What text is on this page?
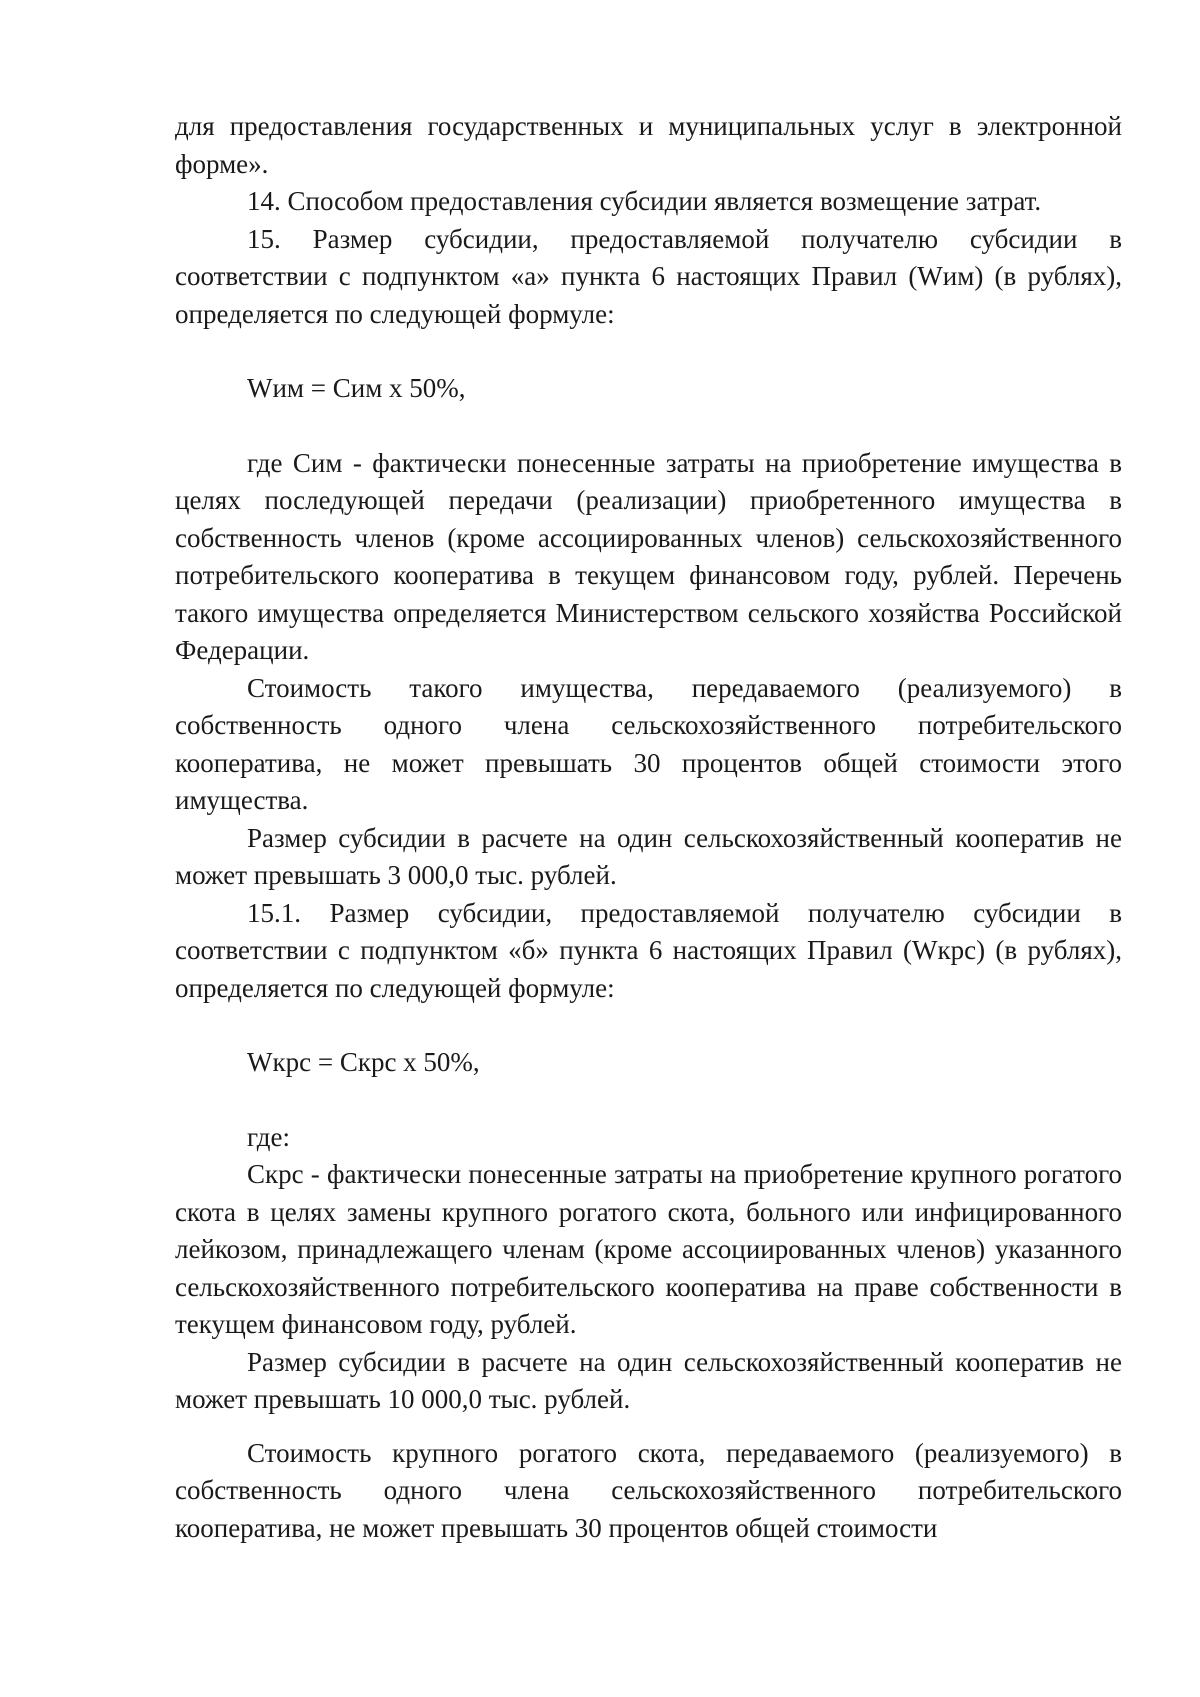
для предоставления государственных и муниципальных услуг в электронной форме».

14. Способом предоставления субсидии является возмещение затрат.

15. Размер субсидии, предоставляемой получателю субсидии в соответствии с подпунктом «а» пункта 6 настоящих Правил (Wим) (в рублях), определяется по следующей формуле:

Wим = Сим х 50%,

где Сим - фактически понесенные затраты на приобретение имущества в целях последующей передачи (реализации) приобретенного имущества в собственность членов (кроме ассоциированных членов) сельскохозяйственного потребительского кооператива в текущем финансовом году, рублей. Перечень такого имущества определяется Министерством сельского хозяйства Российской Федерации.

Стоимость такого имущества, передаваемого (реализуемого) в собственность одного члена сельскохозяйственного потребительского кооператива, не может превышать 30 процентов общей стоимости этого имущества.

Размер субсидии в расчете на один сельскохозяйственный кооператив не может превышать 3 000,0 тыс. рублей.

15.1. Размер субсидии, предоставляемой получателю субсидии в соответствии с подпунктом «б» пункта 6 настоящих Правил (Wкрс) (в рублях), определяется по следующей формуле:

Wкрс = Скрс х 50%,

где:

Скрс - фактически понесенные затраты на приобретение крупного рогатого скота в целях замены крупного рогатого скота, больного или инфицированного лейкозом, принадлежащего членам (кроме ассоциированных членов) указанного сельскохозяйственного потребительского кооператива на праве собственности в текущем финансовом году, рублей.

Размер субсидии в расчете на один сельскохозяйственный кооператив не может превышать 10 000,0 тыс. рублей.

Стоимость крупного рогатого скота, передаваемого (реализуемого) в собственность одного члена сельскохозяйственного потребительского кооператива, не может превышать 30 процентов общей стоимости
